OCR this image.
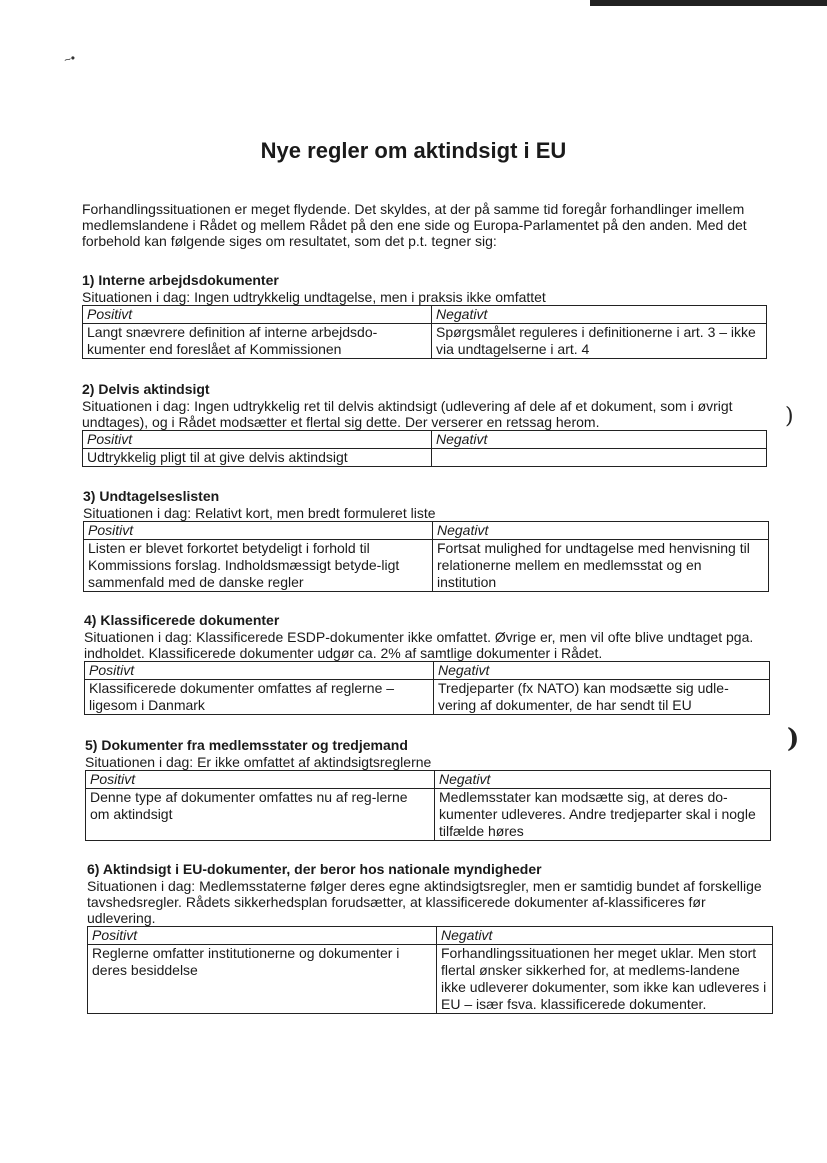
~•
)
)
Nye regler om aktindsigt i EU
Forhandlingssituationen er meget flydende. Det skyldes, at der på samme tid foregår forhandlinger imellem medlemslandene i Rådet og mellem Rådet på den ene side og Europa-Parlamentet på den anden. Med det forbehold kan følgende siges om resultatet, som det p.t. tegner sig:
1) Interne arbejdsdokumenter
Situationen i dag: Ingen udtrykkelig undtagelse, men i praksis ikke omfattet
Positivt	Negativt
Langt snævrere definition af interne arbejdsdo-kumenter end foreslået af Kommissionen	Spørgsmålet reguleres i definitionerne i art. 3 – ikke via undtagelserne i art. 4
2) Delvis aktindsigt
Situationen i dag: Ingen udtrykkelig ret til delvis aktindsigt (udlevering af dele af et dokument, som i øvrigt undtages), og i Rådet modsætter et flertal sig dette. Der verserer en retssag herom.
Positivt	Negativt
Udtrykkelig pligt til at give delvis aktindsigt	
3) Undtagelseslisten
Situationen i dag: Relativt kort, men bredt formuleret liste
Positivt	Negativt
Listen er blevet forkortet betydeligt i forhold til Kommissions forslag. Indholdsmæssigt betyde-ligt sammenfald med de danske regler	Fortsat mulighed for undtagelse med henvisning til relationerne mellem en medlemsstat og en institution
4) Klassificerede dokumenter
Situationen i dag: Klassificerede ESDP-dokumenter ikke omfattet. Øvrige er, men vil ofte blive undtaget pga. indholdet. Klassificerede dokumenter udgør ca. 2% af samtlige dokumenter i Rådet.
Positivt	Negativt
Klassificerede dokumenter omfattes af reglerne – ligesom i Danmark	Tredjeparter (fx NATO) kan modsætte sig udle-vering af dokumenter, de har sendt til EU
5) Dokumenter fra medlemsstater og tredjemand
Situationen i dag: Er ikke omfattet af aktindsigtsreglerne
Positivt	Negativt
Denne type af dokumenter omfattes nu af reg-lerne om aktindsigt	Medlemsstater kan modsætte sig, at deres do-kumenter udleveres. Andre tredjeparter skal i nogle tilfælde høres
6) Aktindsigt i EU-dokumenter, der beror hos nationale myndigheder
Situationen i dag: Medlemsstaterne følger deres egne aktindsigtsregler, men er samtidig bundet af forskellige tavshedsregler. Rådets sikkerhedsplan forudsætter, at klassificerede dokumenter af-klassificeres før udlevering.
Positivt	Negativt
Reglerne omfatter institutionerne og dokumenter i deres besiddelse	Forhandlingssituationen her meget uklar. Men stort flertal ønsker sikkerhed for, at medlems-landene ikke udleverer dokumenter, som ikke kan udleveres i EU – især fsva. klassificerede dokumenter.
